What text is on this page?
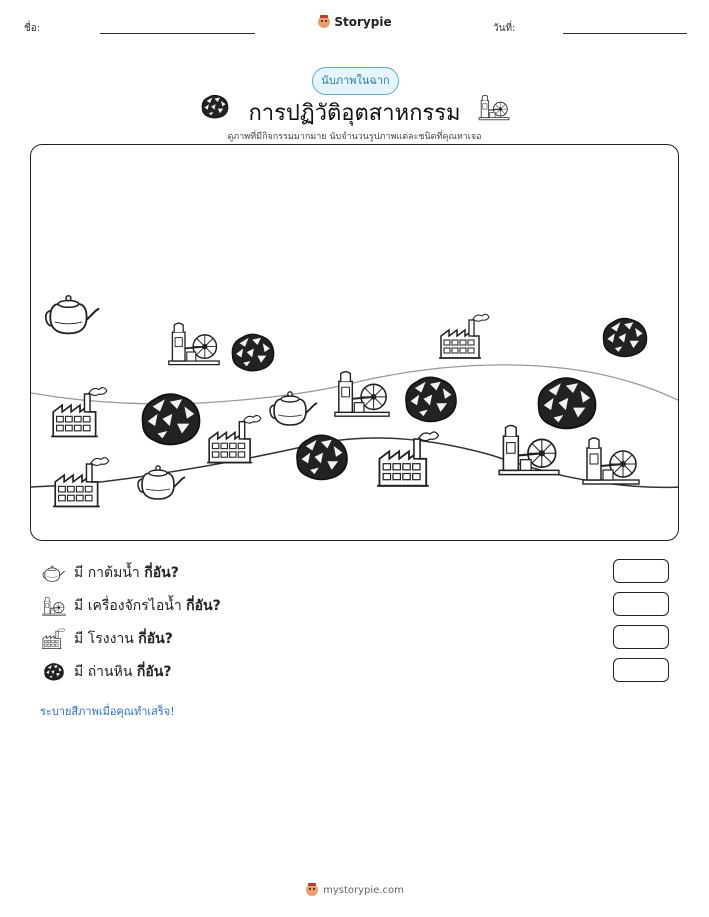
ชื่อ:	Storypie	วันที่:
นับภาพในฉาก
การปฏิวัติอุตสาหกรรม
ดูภาพที่มีกิจกรรมมากมาย นับจำนวนรูปภาพแต่ละชนิดที่คุณหาเจอ
มี
กาต้มน้ำ
กี่อัน?
มี
เครื่องจักรไอน้ำ
กี่อัน?
มี
โรงงาน
กี่อัน?
มี
ถ่านหิน
กี่อัน?
ระบายสีภาพเมื่อคุณทำเสร็จ!
mystorypie.com
